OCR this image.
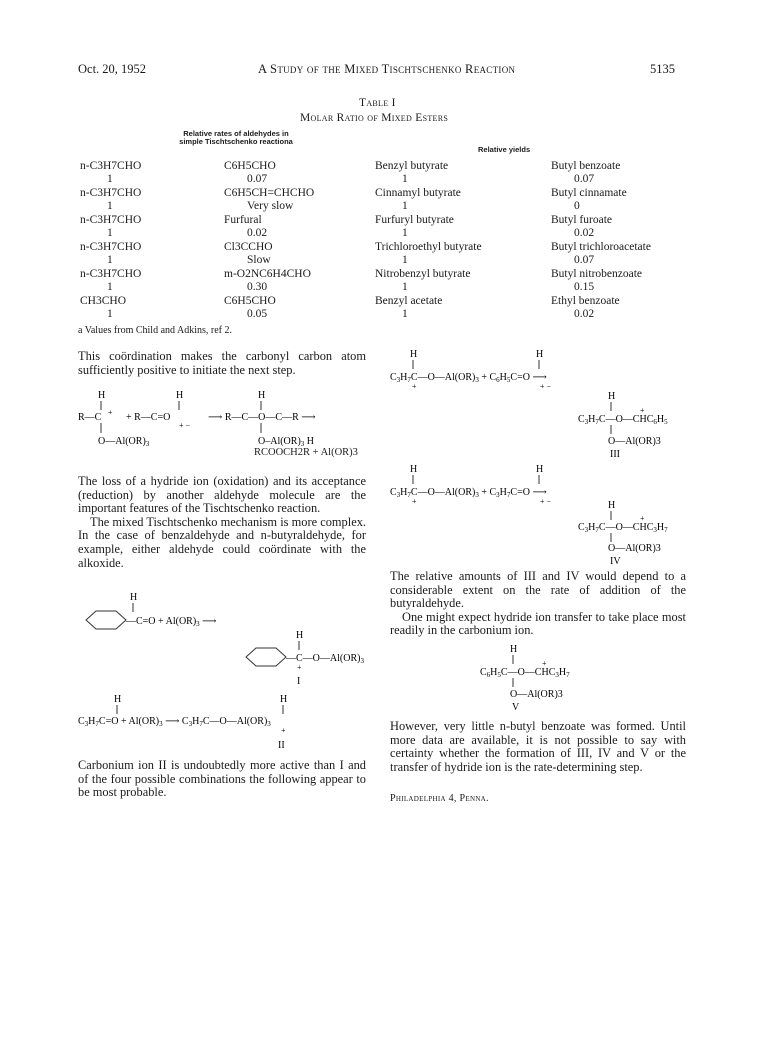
Oct. 20, 1952	A Study of the Mixed Tischtschenko Reaction	5135
Table I
Molar Ratio of Mixed Esters
Relative rates of aldehydes in simple Tischtschenko reactiona
Relative yields
n-C3H7CHO	C6H5CHO	Benzyl butyrate	Butyl benzoate
1	0.07	1	0.07
n-C3H7CHO	C6H5CH=CHCHO	Cinnamyl butyrate	Butyl cinnamate
1	Very slow	1	0
n-C3H7CHO	Furfural	Furfuryl butyrate	Butyl furoate
1	0.02	1	0.02
n-C3H7CHO	Cl3CCHO	Trichloroethyl butyrate	Butyl trichloroacetate
1	Slow	1	0.07
n-C3H7CHO	m-O2NC6H4CHO	Nitrobenzyl butyrate	Butyl nitrobenzoate
1	0.30	1	0.15
CH3CHO	C6H5CHO	Benzyl acetate	Ethyl benzoate
1	0.05	1	0.02
a Values from Child and Adkins, ref 2.

This coördination makes the carbonyl carbon atom sufficiently positive to initiate the next step.

H	H	H
R—C + + R—C=O	⟶ R—C—O—C—R ⟶
+ −
$O—Al(OR)_3$	$O-Al(OR)_3$ H
RCOOCH2R + Al(OR)3

The loss of a hydride ion (oxidation) and its acceptance (reduction) by another aldehyde molecule are the important features of the Tischtschenko reaction.

The mixed Tischtschenko mechanism is more complex. In the case of benzaldehyde and n-butyraldehyde, for example, either aldehyde could coördinate with the alkoxide.

H
—C=O + $Al(OR)_3$ ⟶
H
$—C—O—Al(OR)_3$
+
I
H	H
$C_3H_7C=O + Al(OR)_3$ ⟶ $C_3H_7C—O—Al(OR)_3$
+
II

Carbonium ion II is undoubtedly more active than I and of the four possible combinations the following appear to be most probable.

H	H
$C_3H_7C—O—Al(OR)_3 + C_6H_5C=O$ ⟶
+	+ −
H
$C_3H_7C—O—CHC_6H_5$
+
O—Al(OR)3
III
H	H
$C_3H_7C—O—Al(OR)_3 + C_3H_7C=O$ ⟶
+	+ −	H
$C_3H_7C—O—CHC_3H_7$
+
O—Al(OR)3
IV

The relative amounts of III and IV would depend to a considerable extent on the rate of addition of the butyraldehyde.

One might expect hydride ion transfer to take place most readily in the carbonium ion.

H
$C_6H_5C—O—CHC_3H_7$
+
O—Al(OR)3
V

However, very little n-butyl benzoate was formed. Until more data are available, it is not possible to say with certainty whether the formation of III, IV and V or the transfer of hydride ion is the rate-determining step.

Philadelphia 4, Penna.
